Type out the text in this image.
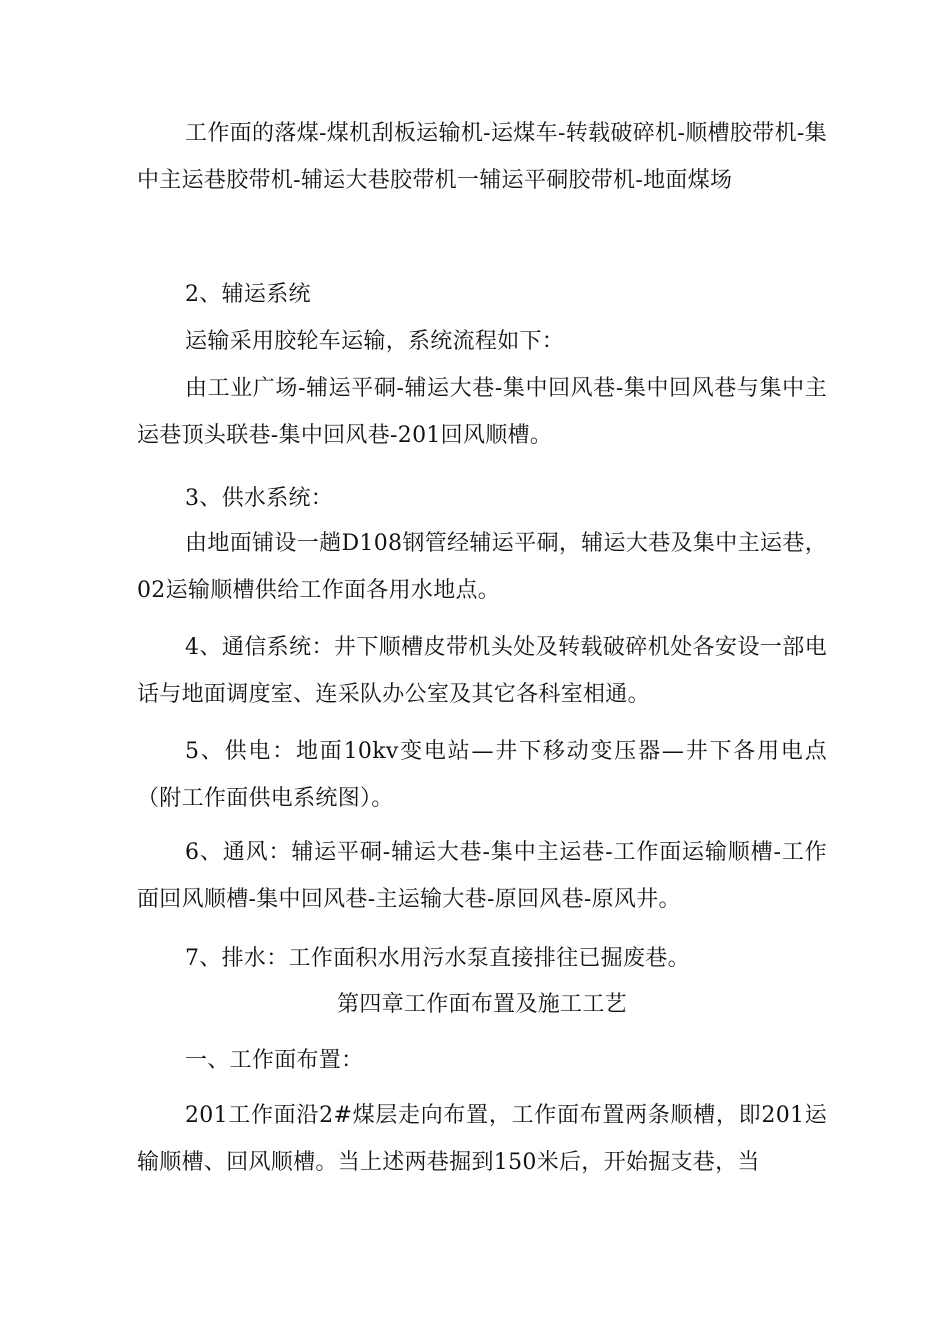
工作面的落煤-煤机刮板运输机-运煤车-转载破碎机-顺槽胶带机-集中主运巷胶带机-辅运大巷胶带机一辅运平硐胶带机-地面煤场

2、辅运系统

运输采用胶轮车运输，系统流程如下：

由工业广场-辅运平硐-辅运大巷-集中回风巷-集中回风巷与集中主运巷顶头联巷-集中回风巷-201回风顺槽。

3、供水系统：

由地面铺设一趟D108钢管经辅运平硐，辅运大巷及集中主运巷，02运输顺槽供给工作面各用水地点。

4、通信系统：井下顺槽皮带机头处及转载破碎机处各安设一部电话与地面调度室、连采队办公室及其它各科室相通。

5、供电：地面10kv变电站—井下移动变压器—井下各用电点（附工作面供电系统图）。

6、通风：辅运平硐-辅运大巷-集中主运巷-工作面运输顺槽-工作面回风顺槽-集中回风巷-主运输大巷-原回风巷-原风井。

7、排水：工作面积水用污水泵直接排往已掘废巷。

第四章工作面布置及施工工艺

一、工作面布置：

201工作面沿2#煤层走向布置，工作面布置两条顺槽，即201运输顺槽、回风顺槽。当上述两巷掘到150米后，开始掘支巷，当
